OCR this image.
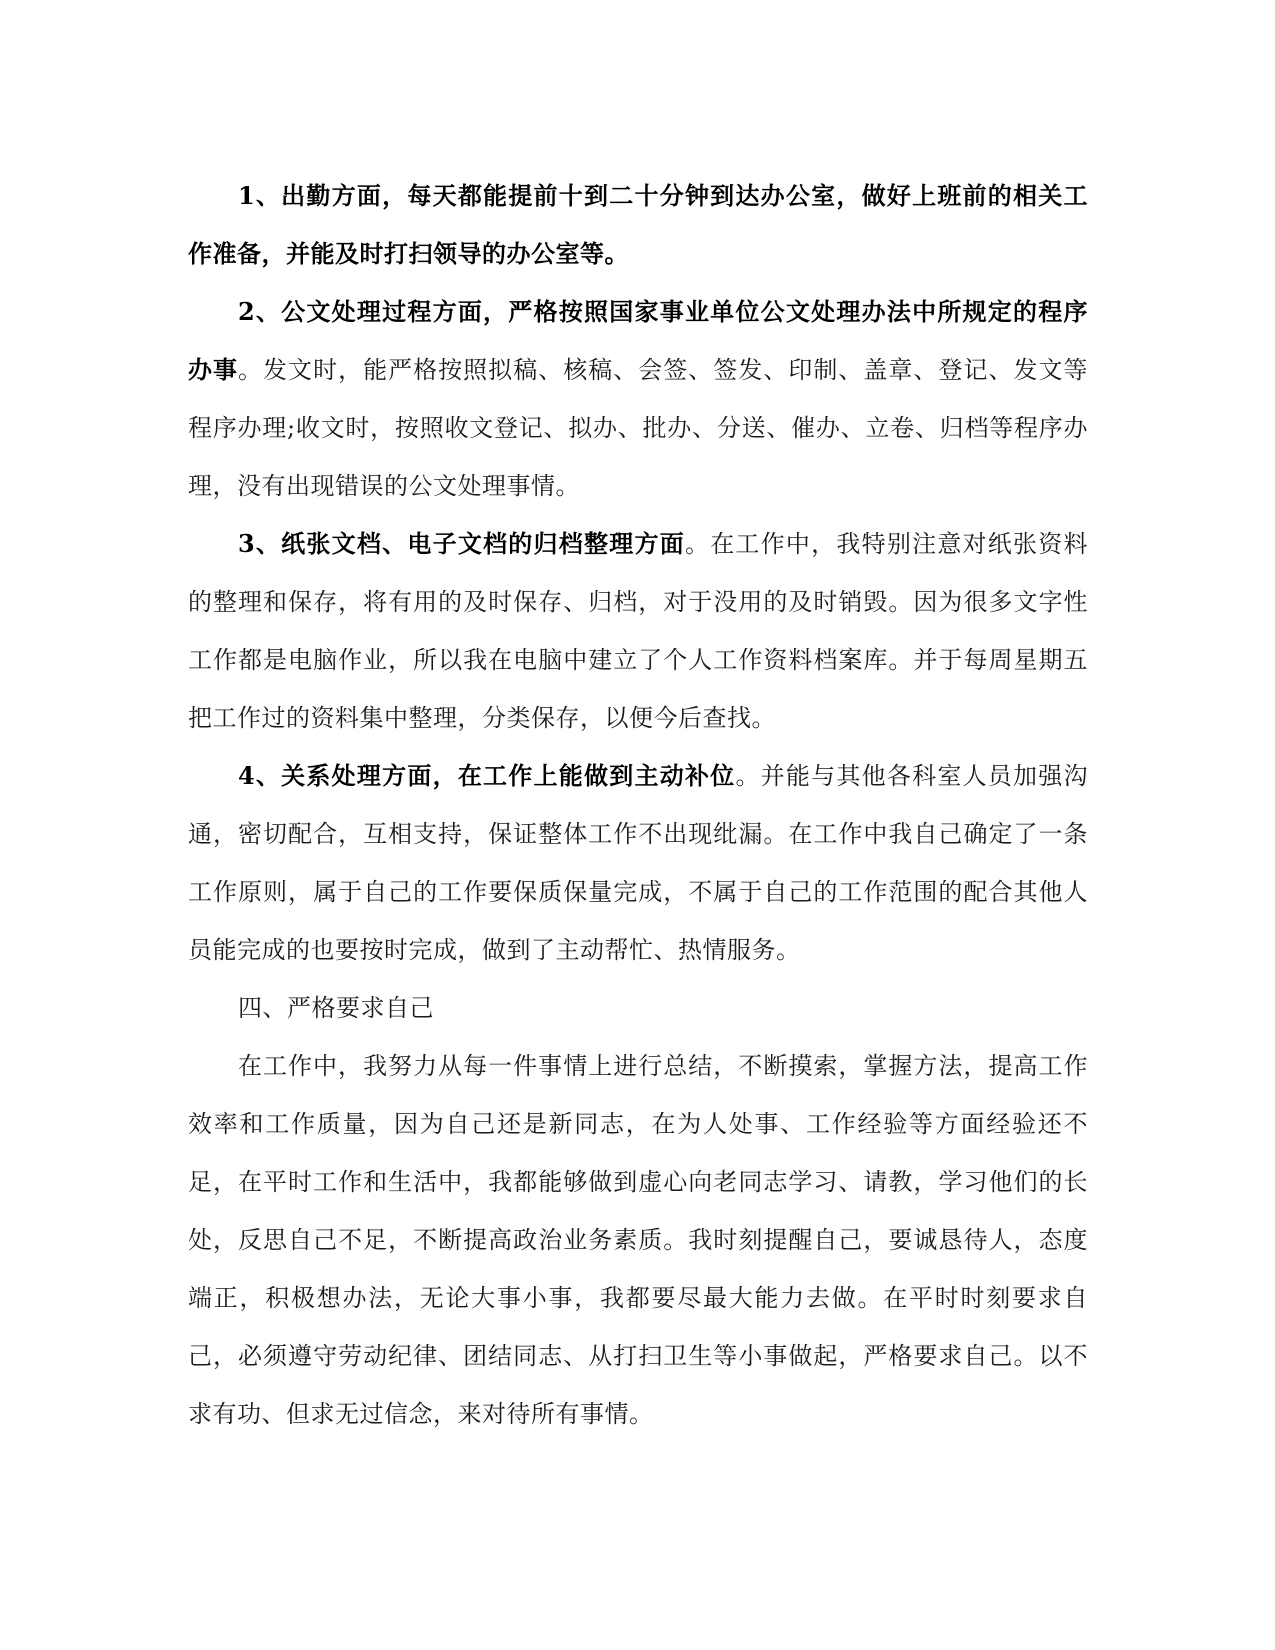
1、出勤方面，每天都能提前十到二十分钟到达办公室，做好上班前的相关工作准备，并能及时打扫领导的办公室等。

2、公文处理过程方面，严格按照国家事业单位公文处理办法中所规定的程序办事。发文时，能严格按照拟稿、核稿、会签、签发、印制、盖章、登记、发文等程序办理;收文时，按照收文登记、拟办、批办、分送、催办、立卷、归档等程序办理，没有出现错误的公文处理事情。

3、纸张文档、电子文档的归档整理方面。在工作中，我特别注意对纸张资料的整理和保存，将有用的及时保存、归档，对于没用的及时销毁。因为很多文字性工作都是电脑作业，所以我在电脑中建立了个人工作资料档案库。并于每周星期五把工作过的资料集中整理，分类保存，以便今后查找。

4、关系处理方面，在工作上能做到主动补位。并能与其他各科室人员加强沟通，密切配合，互相支持，保证整体工作不出现纰漏。在工作中我自己确定了一条工作原则，属于自己的工作要保质保量完成，不属于自己的工作范围的配合其他人员能完成的也要按时完成，做到了主动帮忙、热情服务。

四、严格要求自己

在工作中，我努力从每一件事情上进行总结，不断摸索，掌握方法，提高工作效率和工作质量，因为自己还是新同志，在为人处事、工作经验等方面经验还不足，在平时工作和生活中，我都能够做到虚心向老同志学习、请教，学习他们的长处，反思自己不足，不断提高政治业务素质。我时刻提醒自己，要诚恳待人，态度端正，积极想办法，无论大事小事，我都要尽最大能力去做。在平时时刻要求自己，必须遵守劳动纪律、团结同志、从打扫卫生等小事做起，严格要求自己。以不求有功、但求无过信念，来对待所有事情。
